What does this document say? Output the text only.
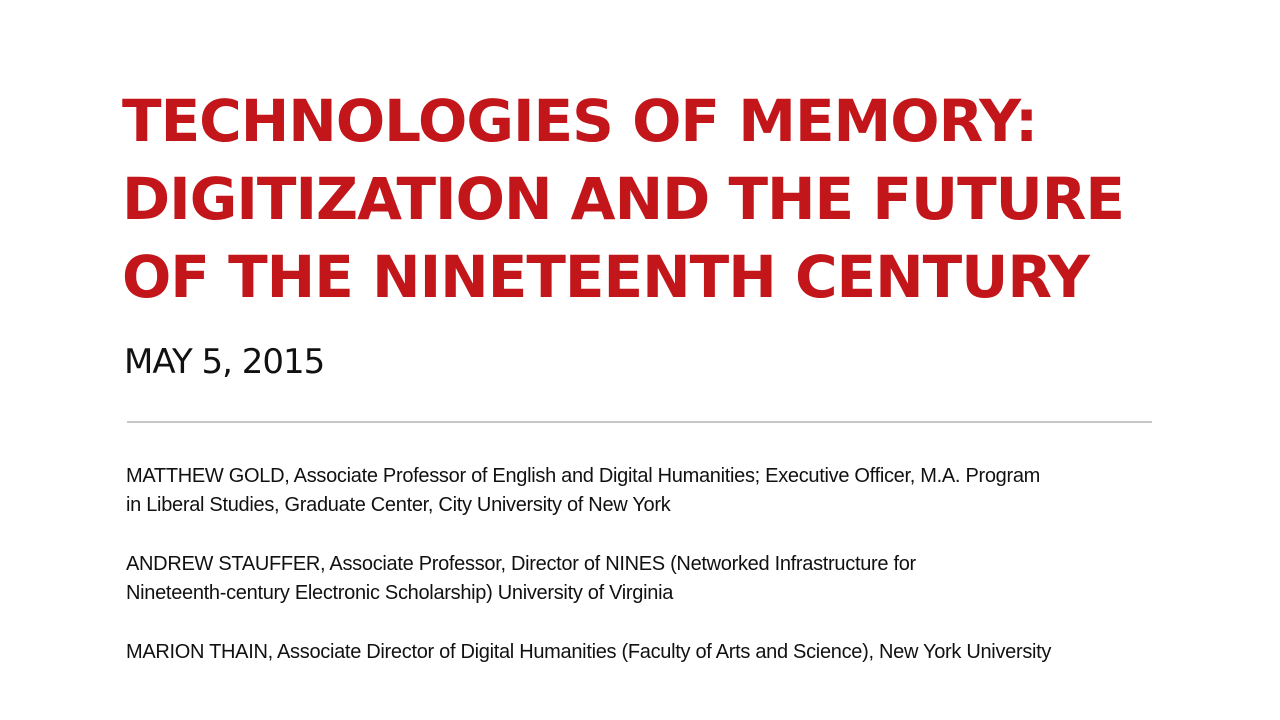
TECHNOLOGIES OF MEMORY:
DIGITIZATION AND THE FUTURE
OF THE NINETEENTH CENTURY

MAY 5, 2015

MATTHEW GOLD, Associate Professor of English and Digital Humanities; Executive Officer, M.A. Program
in Liberal Studies, Graduate Center, City University of New York
ANDREW STAUFFER, Associate Professor, Director of NINES (Networked Infrastructure for
Nineteenth-century Electronic Scholarship) University of Virginia
MARION THAIN, Associate Director of Digital Humanities (Faculty of Arts and Science), New York University
